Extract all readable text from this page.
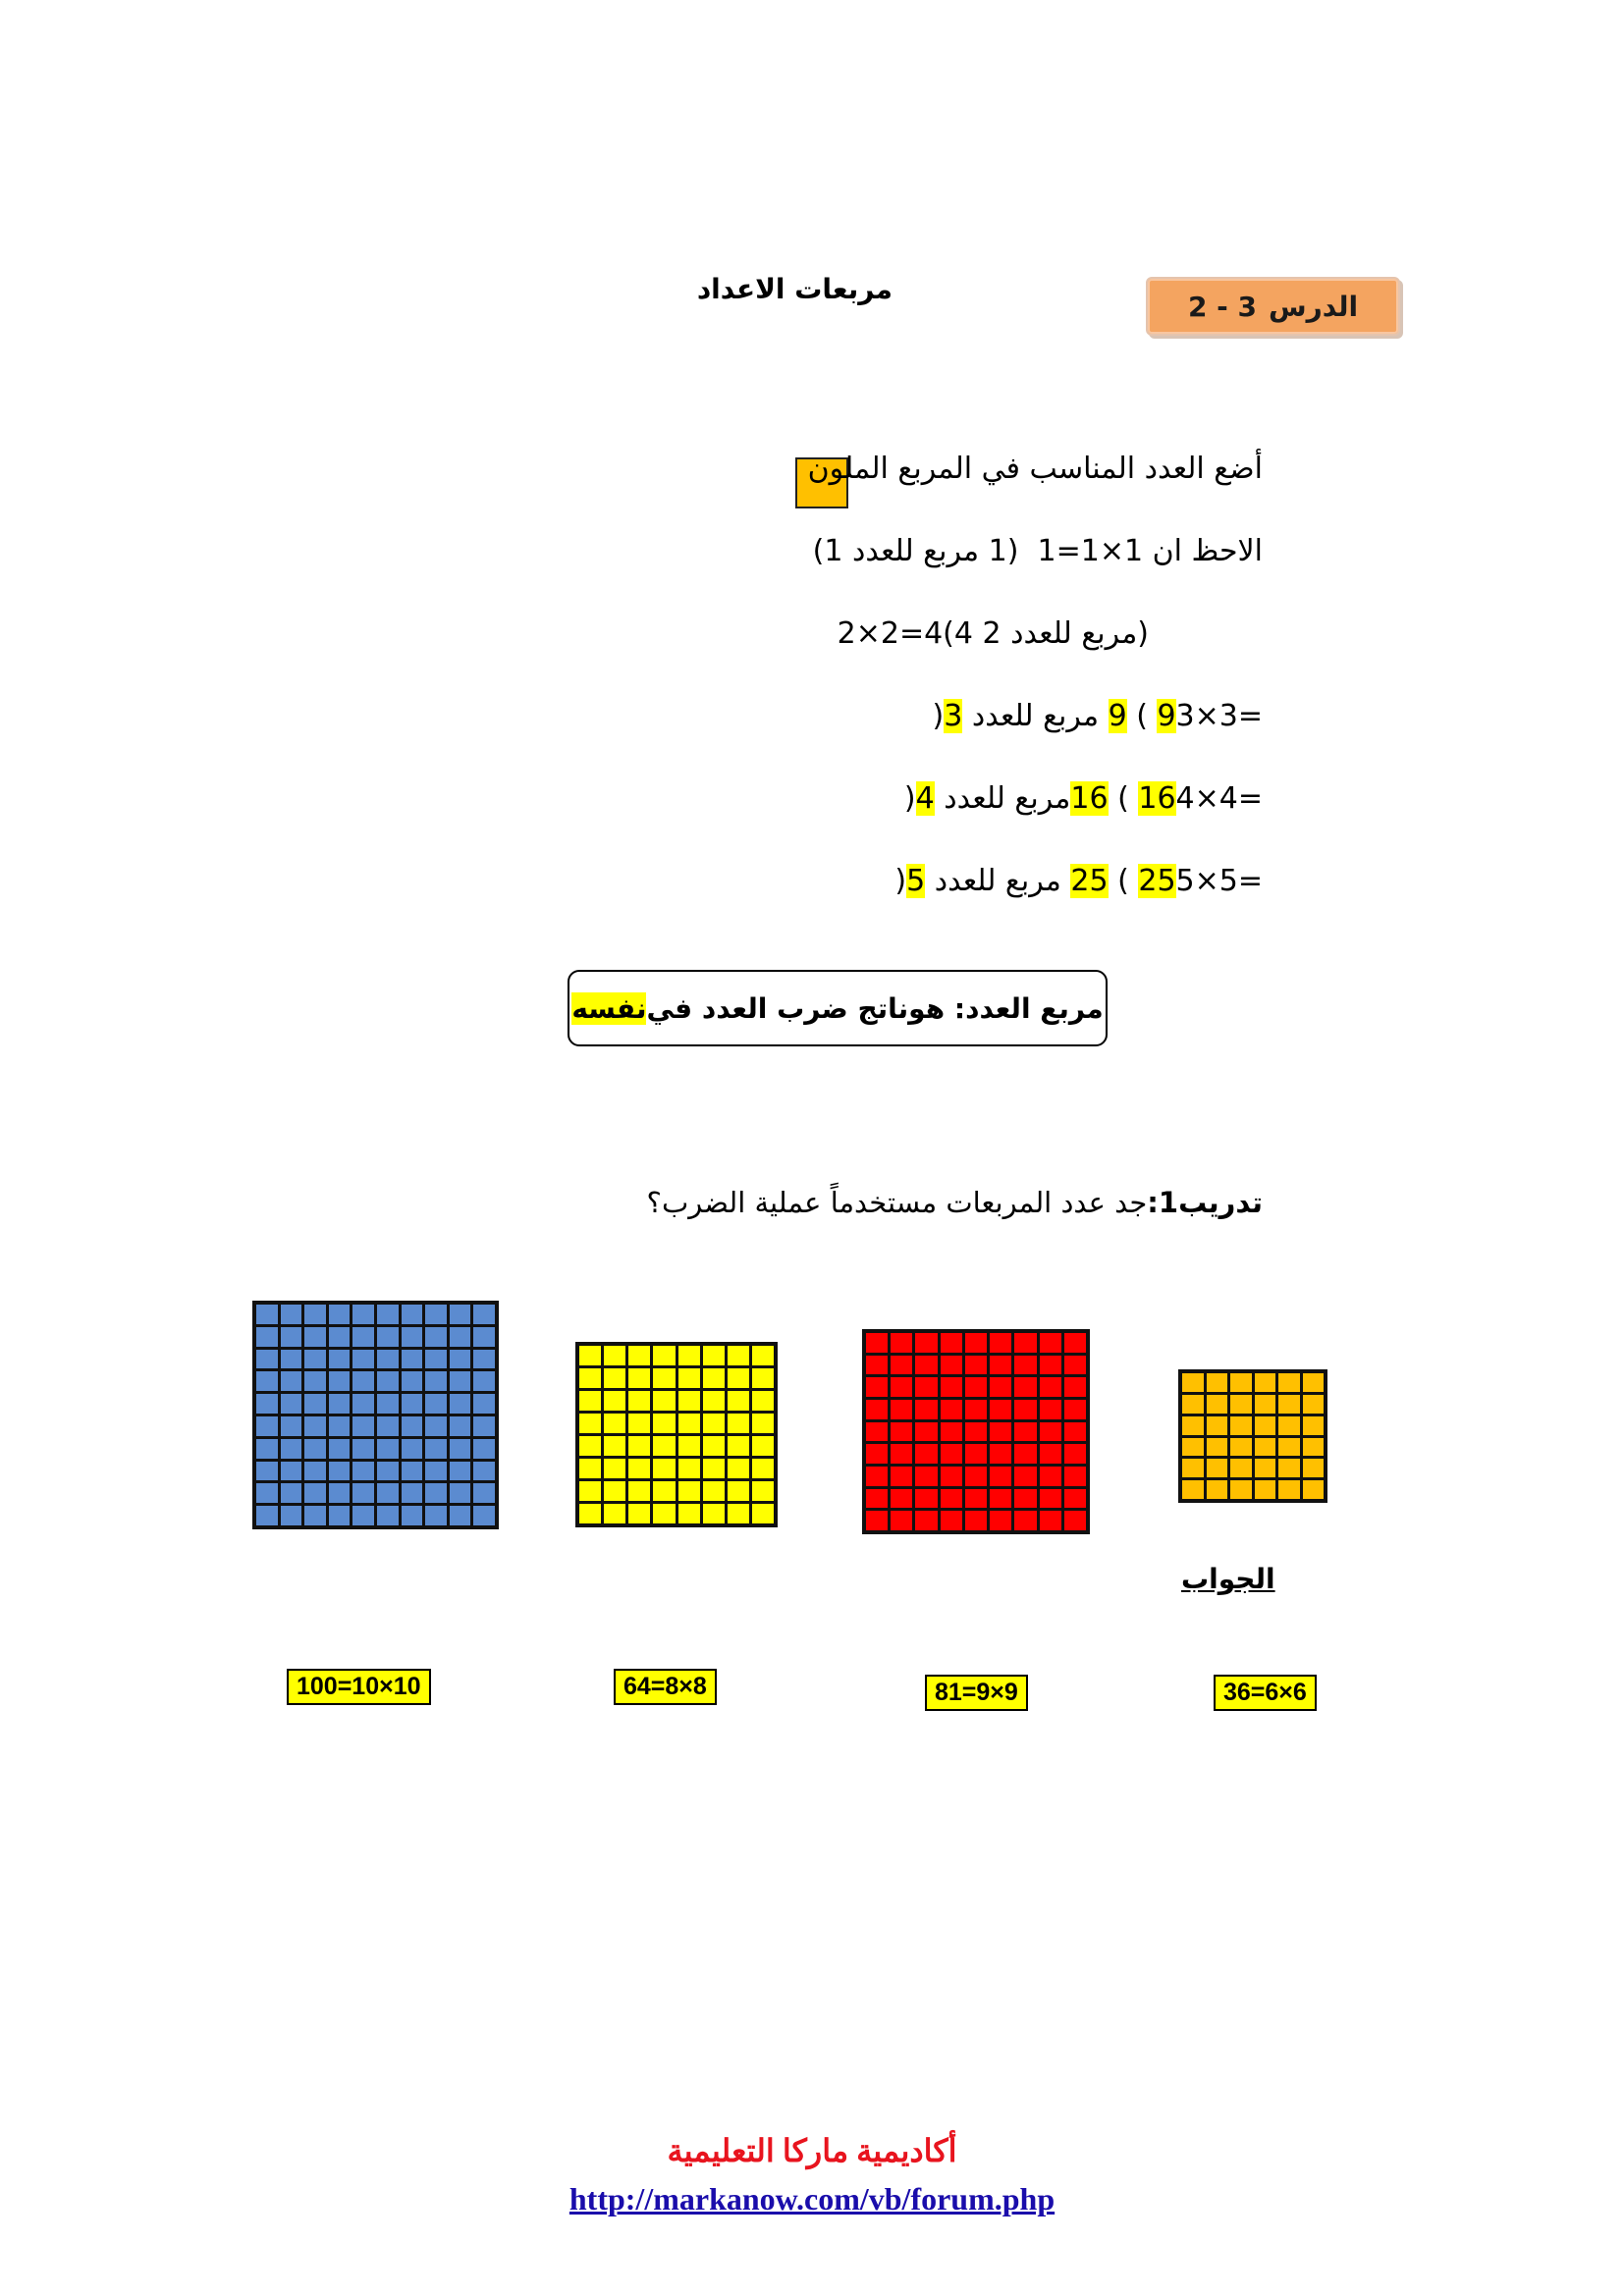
الدرس
2 - 3
مربعات الاعداد
أضع العدد المناسب في المربع الملون
الاحظ ان 1×1=1  (1 مربع للعدد 1)
2×2=4(4 مربع للعدد 2)
)3 مربع للعدد 9 ( 93×3=
)4مربع للعدد 16 ( 164×4=
)5 مربع للعدد 25 ( 255×5=
مربع العدد: هوناتج ضرب العدد في
نفسه
تدريب1:جد عدد المربعات مستخدماً عملية الضرب؟
الجواب
100=10×10	64=8×8	81=9×9	36=6×6
أكاديمية ماركا التعليمية
http://markanow.com/vb/forum.php
